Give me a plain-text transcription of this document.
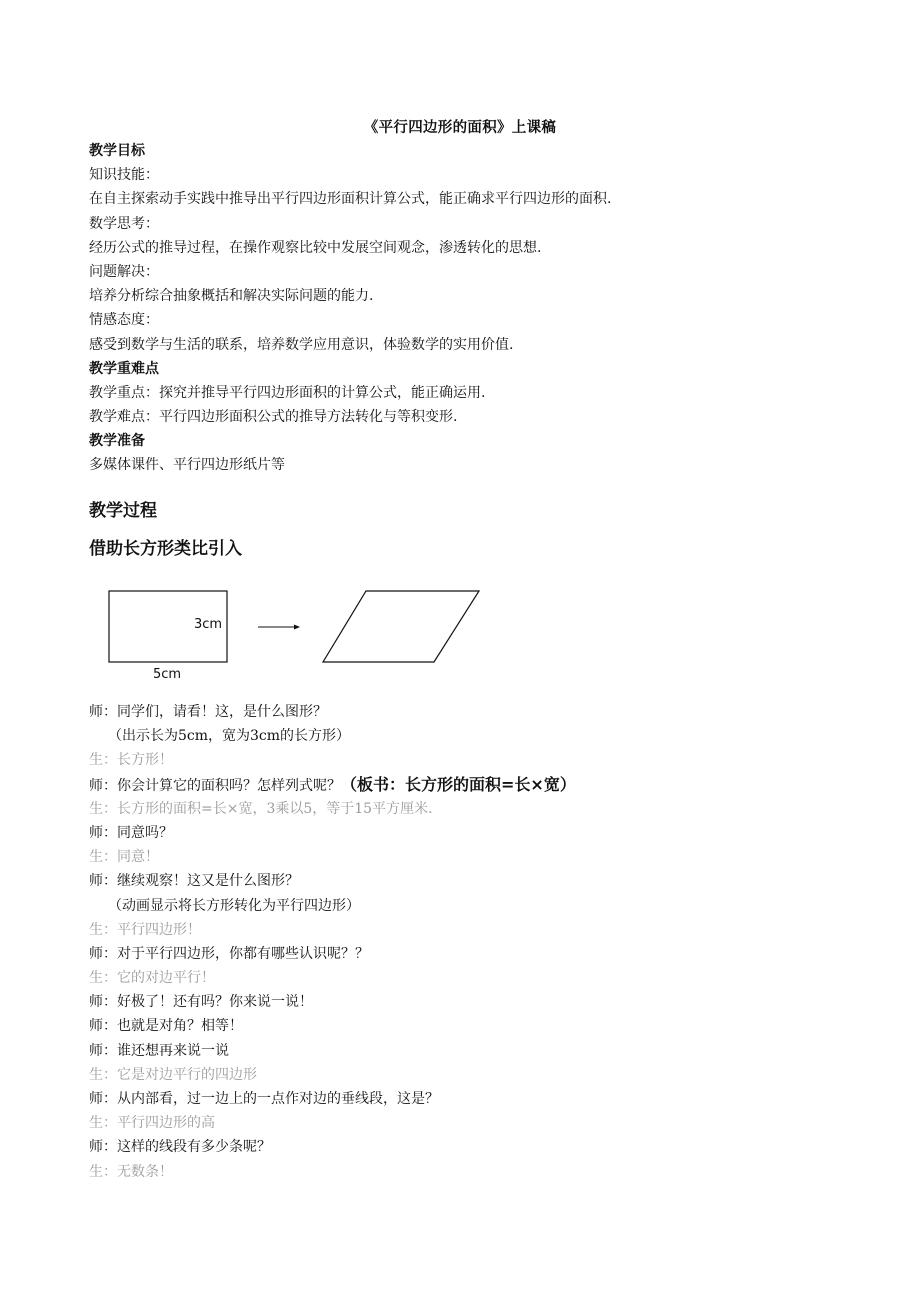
《平行四边形的面积》上课稿
教学目标
知识技能：
在自主探索动手实践中推导出平行四边形面积计算公式，能正确求平行四边形的面积.
数学思考：
经历公式的推导过程，在操作观察比较中发展空间观念，渗透转化的思想.
问题解决：
培养分析综合抽象概括和解决实际问题的能力.
情感态度：
感受到数学与生活的联系，培养数学应用意识，体验数学的实用价值.
教学重难点
教学重点：探究并推导平行四边形面积的计算公式，能正确运用.
教学难点：平行四边形面积公式的推导方法转化与等积变形.
教学准备
多媒体课件、平行四边形纸片等
教学过程
借助长方形类比引入
3cm
5cm
师：同学们，请看！这，是什么图形？
（出示长为5cm，宽为3cm的长方形）
生：长方形！
师：你会计算它的面积吗？怎样列式呢？（板书：长方形的面积=长×宽）
生：长方形的面积=长×宽，3乘以5，等于15平方厘米.
师：同意吗？
生：同意！
师：继续观察！这又是什么图形？
（动画显示将长方形转化为平行四边形）
生：平行四边形！
师：对于平行四边形，你都有哪些认识呢？？
生：它的对边平行！
师：好极了！还有吗？你来说一说！
师：也就是对角？相等！
师：谁还想再来说一说
生：它是对边平行的四边形
师：从内部看，过一边上的一点作对边的垂线段，这是？
生：平行四边形的高
师：这样的线段有多少条呢？
生：无数条！
